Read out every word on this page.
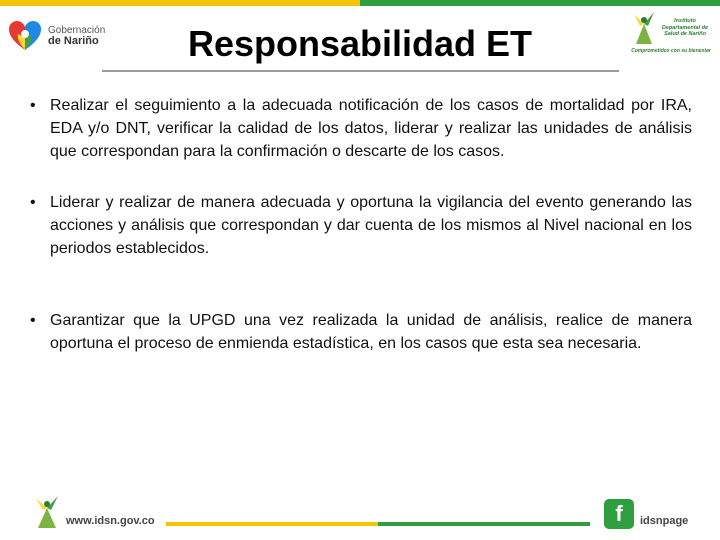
Gobernación
de Nariño
Instituto Departamental de Salud de Nariño
Comprometidos con su bienestar
Responsabilidad ET
• Realizar el seguimiento a la adecuada notificación de los casos de mortalidad por IRA, EDA y/o DNT, verificar la calidad de los datos, liderar y realizar las unidades de análisis que correspondan para la confirmación o descarte de los casos.
• Liderar y realizar de manera adecuada y oportuna la vigilancia del evento generando las acciones y análisis que correspondan y dar cuenta de los mismos al Nivel nacional en los periodos establecidos.
• Garantizar que la UPGD una vez realizada la unidad de análisis, realice de manera oportuna el proceso de enmienda estadística, en los casos que esta sea necesaria.
www.idsn.gov.co	f	idsnpage
